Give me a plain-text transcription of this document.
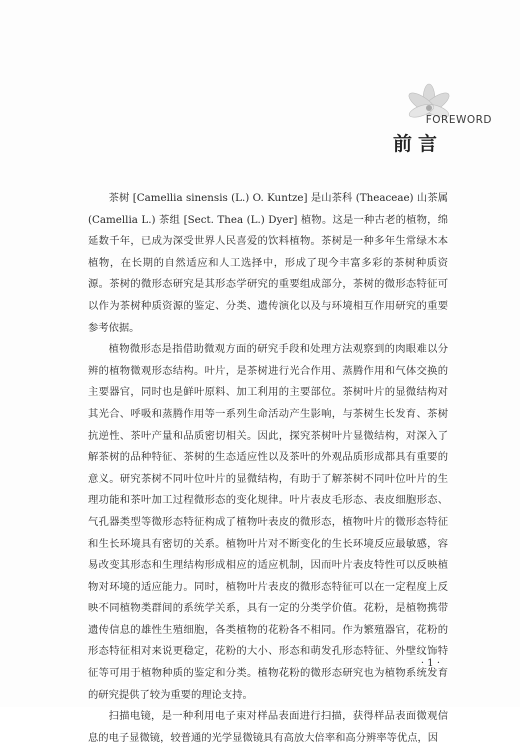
FOREWORD
前言

茶树 [Camellia sinensis (L.) O. Kuntze] 是山茶科 (Theaceae) 山茶属 (Camellia L.) 茶组 [Sect. Thea (L.) Dyer] 植物。这是一种古老的植物，绵延数千年，已成为深受世界人民喜爱的饮料植物。茶树是一种多年生常绿木本植物，在长期的自然适应和人工选择中，形成了现今丰富多彩的茶树种质资源。茶树的微形态研究是其形态学研究的重要组成部分，茶树的微形态特征可以作为茶树种质资源的鉴定、分类、遗传演化以及与环境相互作用研究的重要参考依据。

植物微形态是指借助微观方面的研究手段和处理方法观察到的肉眼难以分辨的植物微观形态结构。叶片，是茶树进行光合作用、蒸腾作用和气体交换的主要器官，同时也是鲜叶原料、加工利用的主要部位。茶树叶片的显微结构对其光合、呼吸和蒸腾作用等一系列生命活动产生影响，与茶树生长发育、茶树抗逆性、茶叶产量和品质密切相关。因此，探究茶树叶片显微结构，对深入了解茶树的品种特征、茶树的生态适应性以及茶叶的外观品质形成都具有重要的意义。研究茶树不同叶位叶片的显微结构，有助于了解茶树不同叶位叶片的生理功能和茶叶加工过程微形态的变化规律。叶片表皮毛形态、表皮细胞形态、气孔器类型等微形态特征构成了植物叶表皮的微形态，植物叶片的微形态特征和生长环境具有密切的关系。植物叶片对不断变化的生长环境反应最敏感，容易改变其形态和生理结构形成相应的适应机制，因而叶片表皮特性可以反映植物对环境的适应能力。同时，植物叶片表皮的微形态特征可以在一定程度上反映不同植物类群间的系统学关系，具有一定的分类学价值。花粉，是植物携带遗传信息的雄性生殖细胞，各类植物的花粉各不相同。作为繁殖器官，花粉的形态特征相对来说更稳定，花粉的大小、形态和萌发孔形态特征、外壁纹饰特征等可用于植物种质的鉴定和分类。植物花粉的微形态研究也为植物系统发育的研究提供了较为重要的理论支持。

扫描电镜，是一种利用电子束对样品表面进行扫描，获得样品表面微观信息的电子显微镜，较普通的光学显微镜具有高放大倍率和高分辨率等优点，因

· 1 ·
